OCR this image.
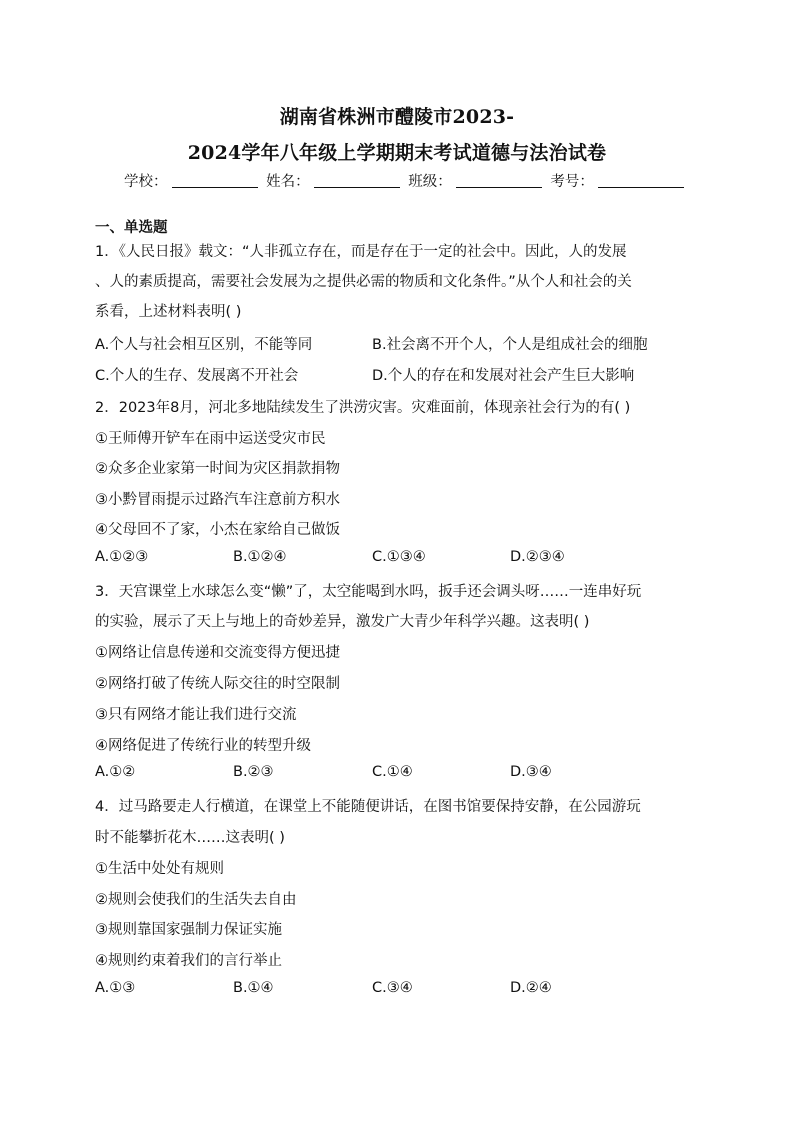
湖南省株洲市醴陵市2023-
2024学年八年级上学期期末考试道德与法治试卷
学校：	姓名：	班级：	考号：
一、单选题
1．《人民日报》载文：“人非孤立存在，而是存在于一定的社会中。因此，人的发展
、人的素质提高，需要社会发展为之提供必需的物质和文化条件。”从个人和社会的关
系看，上述材料表明( )
A.个人与社会相互区别，不能等同	B.社会离不开个人，个人是组成社会的细胞
C.个人的生存、发展离不开社会	D.个人的存在和发展对社会产生巨大影响
2．2023年8月，河北多地陆续发生了洪涝灾害。灾难面前，体现亲社会行为的有( )
①王师傅开铲车在雨中运送受灾市民
②众多企业家第一时间为灾区捐款捐物
③小黔冒雨提示过路汽车注意前方积水
④父母回不了家，小杰在家给自己做饭
A.①②③	B.①②④	C.①③④	D.②③④
3．天宫课堂上水球怎么变“懒”了，太空能喝到水吗，扳手还会调头呀……一连串好玩
的实验，展示了天上与地上的奇妙差异，激发广大青少年科学兴趣。这表明( )
①网络让信息传递和交流变得方便迅捷
②网络打破了传统人际交往的时空限制
③只有网络才能让我们进行交流
④网络促进了传统行业的转型升级
A.①②	B.②③	C.①④	D.③④
4．过马路要走人行横道，在课堂上不能随便讲话，在图书馆要保持安静，在公园游玩
时不能攀折花木……这表明( )
①生活中处处有规则
②规则会使我们的生活失去自由
③规则靠国家强制力保证实施
④规则约束着我们的言行举止
A.①③	B.①④	C.③④	D.②④
